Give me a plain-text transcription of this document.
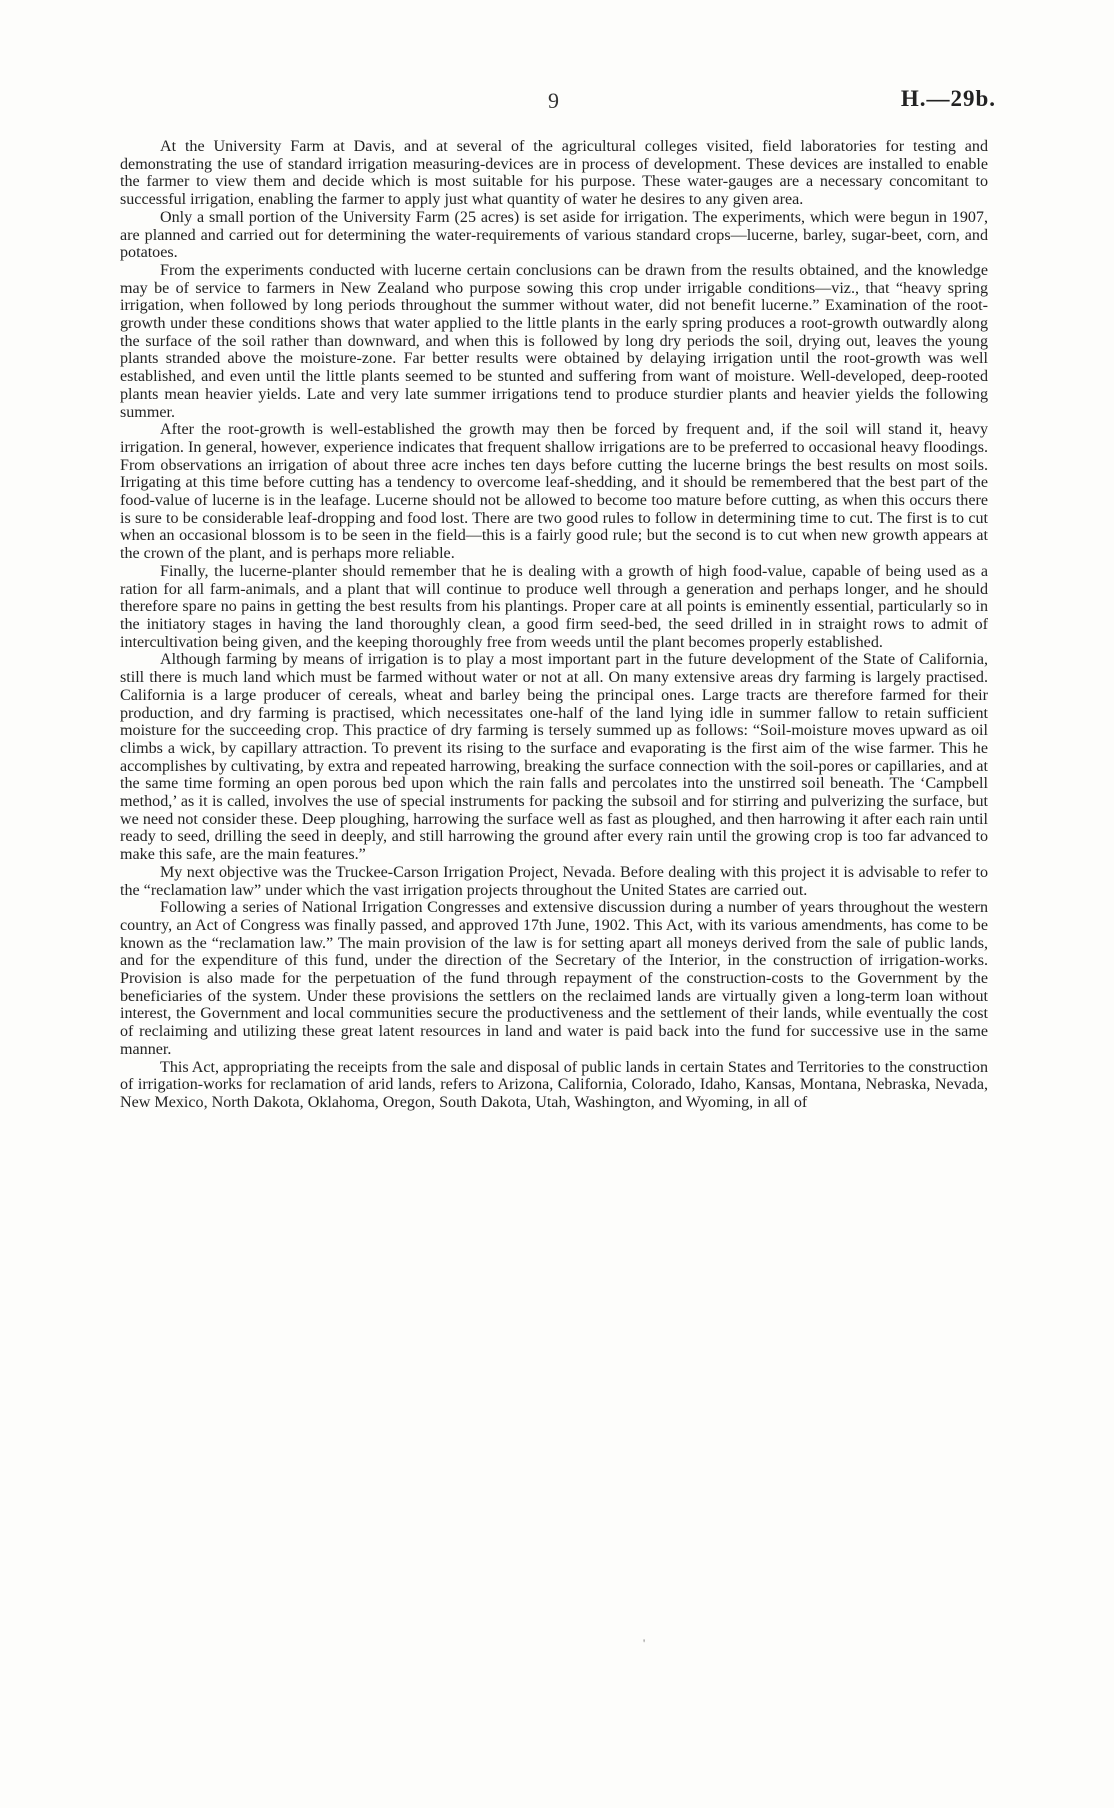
9	H.—29b.

At the University Farm at Davis, and at several of the agricultural colleges visited, field laboratories for testing and demonstrating the use of standard irrigation measuring-devices are in process of development. These devices are installed to enable the farmer to view them and decide which is most suitable for his purpose. These water-gauges are a necessary concomitant to successful irrigation, enabling the farmer to apply just what quantity of water he desires to any given area.

Only a small portion of the University Farm (25 acres) is set aside for irrigation. The experiments, which were begun in 1907, are planned and carried out for determining the water-requirements of various standard crops—lucerne, barley, sugar-beet, corn, and potatoes.

From the experiments conducted with lucerne certain conclusions can be drawn from the results obtained, and the knowledge may be of service to farmers in New Zealand who purpose sowing this crop under irrigable conditions—viz., that “heavy spring irrigation, when followed by long periods throughout the summer without water, did not benefit lucerne.” Examination of the root-growth under these conditions shows that water applied to the little plants in the early spring produces a root-growth outwardly along the surface of the soil rather than downward, and when this is followed by long dry periods the soil, drying out, leaves the young plants stranded above the moisture-zone. Far better results were obtained by delaying irrigation until the root-growth was well established, and even until the little plants seemed to be stunted and suffering from want of moisture. Well-developed, deep-rooted plants mean heavier yields. Late and very late summer irrigations tend to produce sturdier plants and heavier yields the following summer.

After the root-growth is well-established the growth may then be forced by frequent and, if the soil will stand it, heavy irrigation. In general, however, experience indicates that frequent shallow irrigations are to be preferred to occasional heavy floodings. From observations an irrigation of about three acre inches ten days before cutting the lucerne brings the best results on most soils. Irrigating at this time before cutting has a tendency to overcome leaf-shedding, and it should be remembered that the best part of the food-value of lucerne is in the leafage. Lucerne should not be allowed to become too mature before cutting, as when this occurs there is sure to be considerable leaf-dropping and food lost. There are two good rules to follow in determining time to cut. The first is to cut when an occasional blossom is to be seen in the field—this is a fairly good rule; but the second is to cut when new growth appears at the crown of the plant, and is perhaps more reliable.

Finally, the lucerne-planter should remember that he is dealing with a growth of high food-value, capable of being used as a ration for all farm-animals, and a plant that will continue to produce well through a generation and perhaps longer, and he should therefore spare no pains in getting the best results from his plantings. Proper care at all points is eminently essential, particularly so in the initiatory stages in having the land thoroughly clean, a good firm seed-bed, the seed drilled in in straight rows to admit of intercultivation being given, and the keeping thoroughly free from weeds until the plant becomes properly established.

Although farming by means of irrigation is to play a most important part in the future development of the State of California, still there is much land which must be farmed without water or not at all. On many extensive areas dry farming is largely practised. California is a large producer of cereals, wheat and barley being the principal ones. Large tracts are therefore farmed for their production, and dry farming is practised, which necessitates one-half of the land lying idle in summer fallow to retain sufficient moisture for the succeeding crop. This practice of dry farming is tersely summed up as follows: “Soil-moisture moves upward as oil climbs a wick, by capillary attraction. To prevent its rising to the surface and evaporating is the first aim of the wise farmer. This he accomplishes by cultivating, by extra and repeated harrowing, breaking the surface connection with the soil-pores or capillaries, and at the same time forming an open porous bed upon which the rain falls and percolates into the unstirred soil beneath. The ‘Campbell method,’ as it is called, involves the use of special instruments for packing the subsoil and for stirring and pulverizing the surface, but we need not consider these. Deep ploughing, harrowing the surface well as fast as ploughed, and then harrowing it after each rain until ready to seed, drilling the seed in deeply, and still harrowing the ground after every rain until the growing crop is too far advanced to make this safe, are the main features.”

My next objective was the Truckee-Carson Irrigation Project, Nevada. Before dealing with this project it is advisable to refer to the “reclamation law” under which the vast irrigation projects throughout the United States are carried out.

Following a series of National Irrigation Congresses and extensive discussion during a number of years throughout the western country, an Act of Congress was finally passed, and approved 17th June, 1902. This Act, with its various amendments, has come to be known as the “reclamation law.” The main provision of the law is for setting apart all moneys derived from the sale of public lands, and for the expenditure of this fund, under the direction of the Secretary of the Interior, in the construction of irrigation-works. Provision is also made for the perpetuation of the fund through repayment of the construction-costs to the Government by the beneficiaries of the system. Under these provisions the settlers on the reclaimed lands are virtually given a long-term loan without interest, the Government and local communities secure the productiveness and the settlement of their lands, while eventually the cost of reclaiming and utilizing these great latent resources in land and water is paid back into the fund for successive use in the same manner.

This Act, appropriating the receipts from the sale and disposal of public lands in certain States and Territories to the construction of irrigation-works for reclamation of arid lands, refers to Arizona, California, Colorado, Idaho, Kansas, Montana, Nebraska, Nevada, New Mexico, North Dakota, Oklahoma, Oregon, South Dakota, Utah, Washington, and Wyoming, in all of

'
